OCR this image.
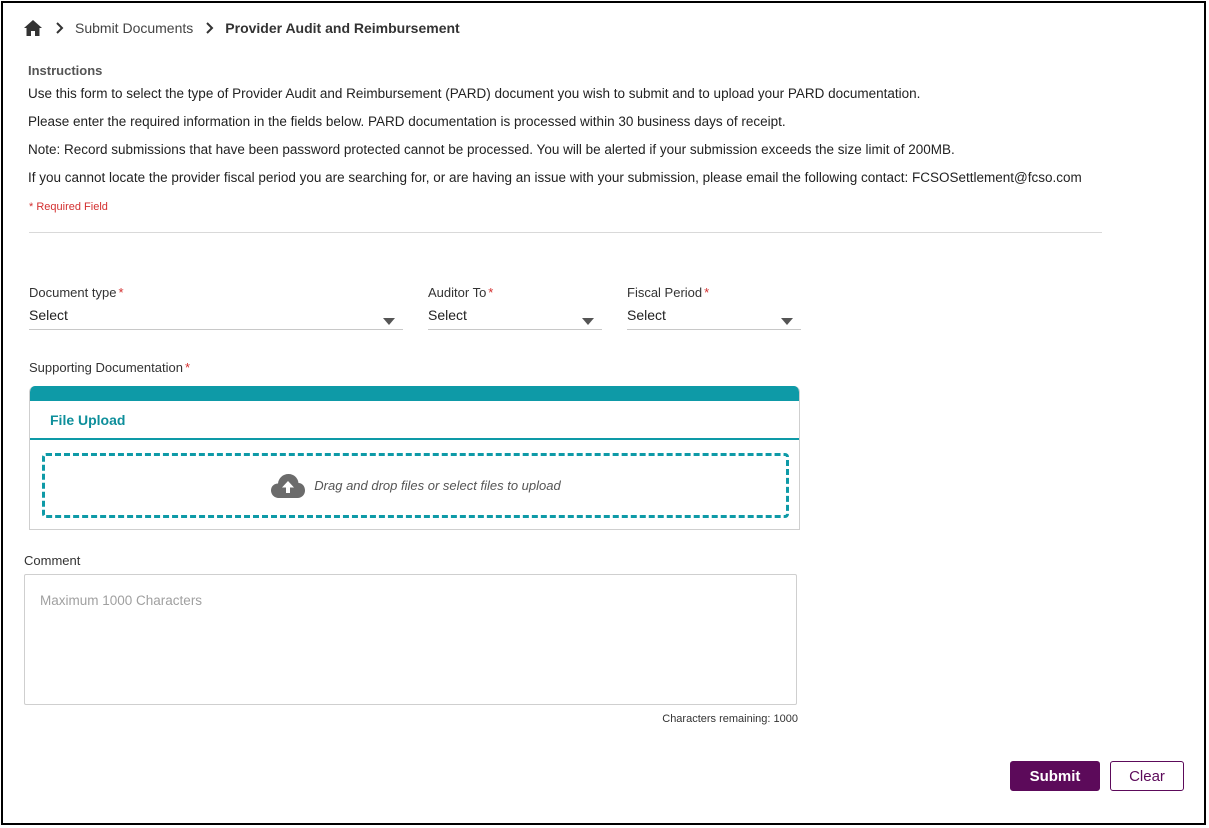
Submit Documents Provider Audit and Reimbursement
Instructions
Use this form to select the type of Provider Audit and Reimbursement (PARD) document you wish to submit and to upload your PARD documentation.
Please enter the required information in the fields below. PARD documentation is processed within 30 business days of receipt.
Note: Record submissions that have been password protected cannot be processed. You will be alerted if your submission exceeds the size limit of 200MB.
If you cannot locate the provider fiscal period you are searching for, or are having an issue with your submission, please email the following contact: FCSOSettlement@fcso.com
* Required Field
Document type *
Select
Auditor To *
Select
Fiscal Period *
Select
Supporting Documentation *
File Upload
Drag and drop files or select files to upload
Comment
Maximum 1000 Characters
Characters remaining: 1000
Submit	Clear
